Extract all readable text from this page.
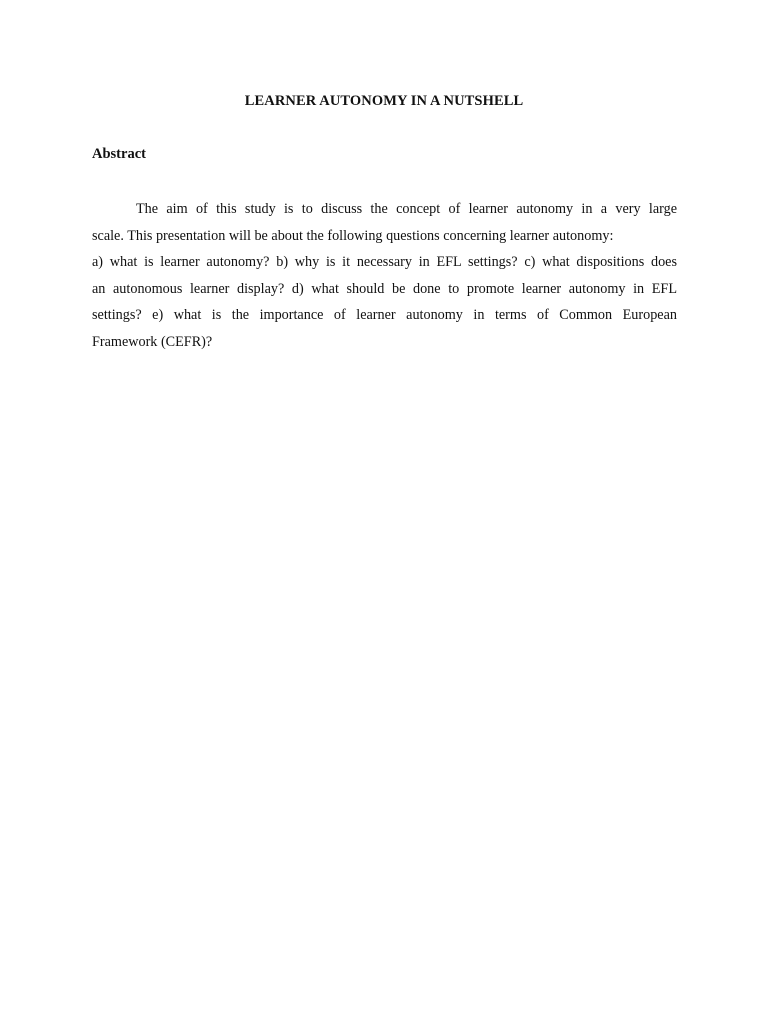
LEARNER AUTONOMY IN A NUTSHELL
Abstract
The aim of this study is to discuss the concept of learner autonomy in a very large
scale. This presentation will be about the following questions concerning learner autonomy:
a) what is learner autonomy? b) why is it necessary in EFL settings? c) what dispositions does
an autonomous learner display? d) what should be done to promote learner autonomy in EFL
settings? e) what is the importance of learner autonomy in terms of Common European
Framework (CEFR)?
